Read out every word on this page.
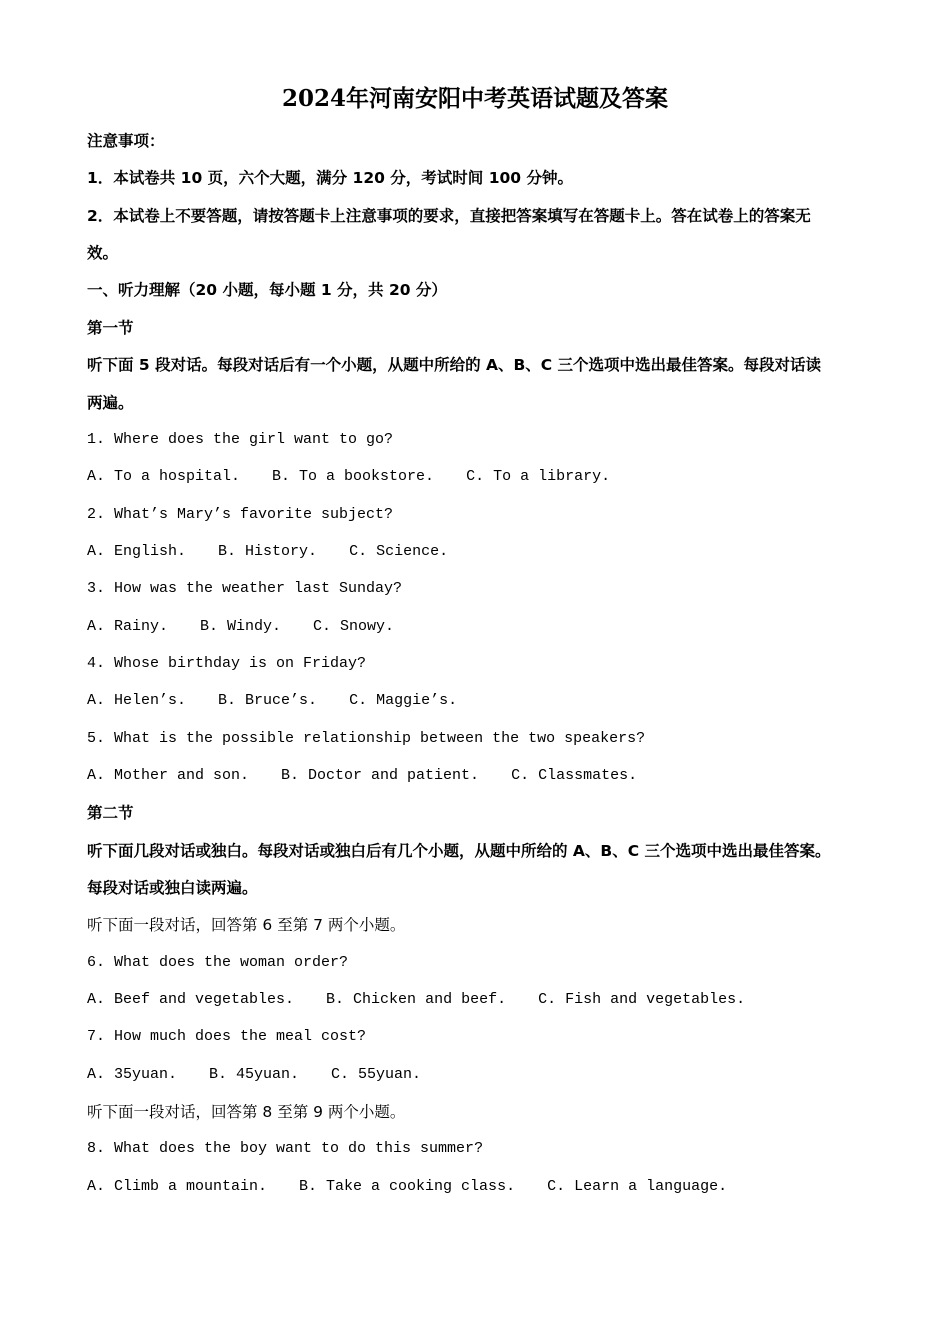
2024年河南安阳中考英语试题及答案
注意事项：
1．本试卷共 10 页，六个大题，满分 120 分，考试时间 100 分钟。
2．本试卷上不要答题，请按答题卡上注意事项的要求，直接把答案填写在答题卡上。答在试卷上的答案无
效。
一、听力理解（20 小题，每小题 1 分，共 20 分）
第一节
听下面 5 段对话。每段对话后有一个小题，从题中所给的 A、B、C 三个选项中选出最佳答案。每段对话读
两遍。
1. Where does the girl want to go?
A. To a hospital. B. To a bookstore. C. To a library.
2. What’s Mary’s favorite subject?
A. English. B. History. C. Science.
3. How was the weather last Sunday?
A. Rainy. B. Windy. C. Snowy.
4. Whose birthday is on Friday?
A. Helen’s. B. Bruce’s. C. Maggie’s.
5. What is the possible relationship between the two speakers?
A. Mother and son. B. Doctor and patient. C. Classmates.
第二节
听下面几段对话或独白。每段对话或独白后有几个小题，从题中所给的 A、B、C 三个选项中选出最佳答案。
每段对话或独白读两遍。
听下面一段对话，回答第 6 至第 7 两个小题。
6. What does the woman order?
A. Beef and vegetables. B. Chicken and beef. C. Fish and vegetables.
7. How much does the meal cost?
A. 35yuan. B. 45yuan. C. 55yuan.
听下面一段对话，回答第 8 至第 9 两个小题。
8. What does the boy want to do this summer?
A. Climb a mountain. B. Take a cooking class. C. Learn a language.
